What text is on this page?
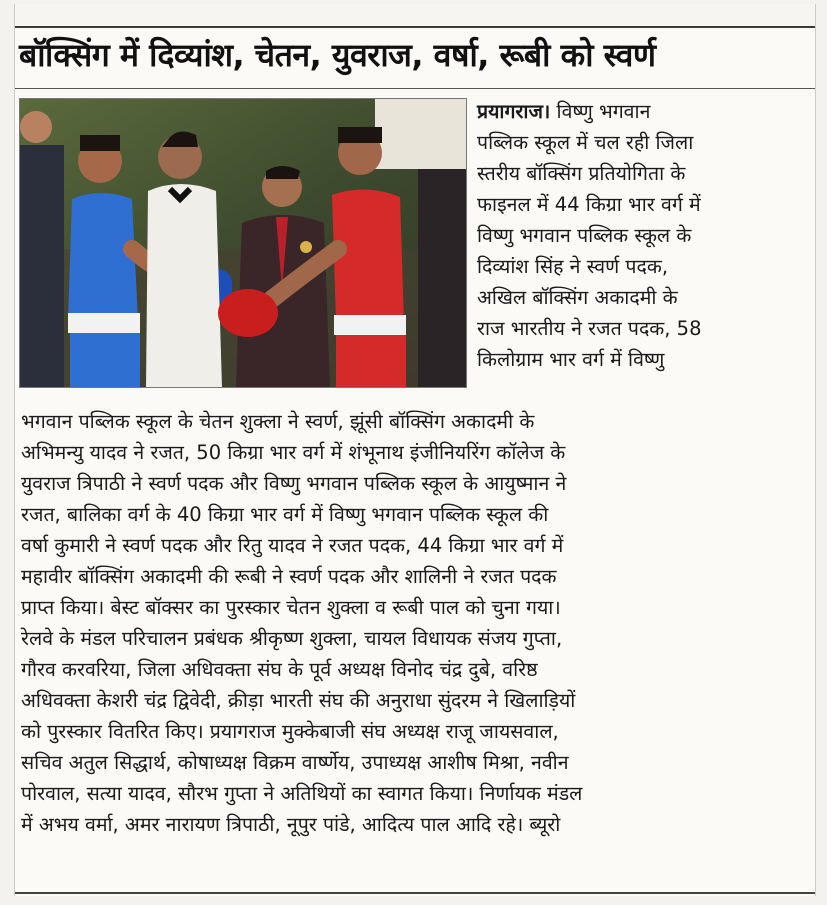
बॉक्सिंग में दिव्यांश, चेतन, युवराज, वर्षा, रूबी को स्वर्ण

प्रयागराज। विष्णु भगवान
पब्लिक स्कूल में चल रही जिला
स्तरीय बॉक्सिंग प्रतियोगिता के
फाइनल में 44 किग्रा भार वर्ग में
विष्णु भगवान पब्लिक स्कूल के
दिव्यांश सिंह ने स्वर्ण पदक,
अखिल बॉक्सिंग अकादमी के
राज भारतीय ने रजत पदक, 58
किलोग्राम भार वर्ग में विष्णु

भगवान पब्लिक स्कूल के चेतन शुक्ला ने स्वर्ण, झूंसी बॉक्सिंग अकादमी के
अभिमन्यु यादव ने रजत, 50 किग्रा भार वर्ग में शंभूनाथ इंजीनियरिंग कॉलेज के
युवराज त्रिपाठी ने स्वर्ण पदक और विष्णु भगवान पब्लिक स्कूल के आयुष्मान ने
रजत, बालिका वर्ग के 40 किग्रा भार वर्ग में विष्णु भगवान पब्लिक स्कूल की
वर्षा कुमारी ने स्वर्ण पदक और रितु यादव ने रजत पदक, 44 किग्रा भार वर्ग में
महावीर बॉक्सिंग अकादमी की रूबी ने स्वर्ण पदक और शालिनी ने रजत पदक
प्राप्त किया। बेस्ट बॉक्सर का पुरस्कार चेतन शुक्ला व रूबी पाल को चुना गया।
रेलवे के मंडल परिचालन प्रबंधक श्रीकृष्ण शुक्ला, चायल विधायक संजय गुप्ता,
गौरव करवरिया, जिला अधिवक्ता संघ के पूर्व अध्यक्ष विनोद चंद्र दुबे, वरिष्ठ
अधिवक्ता केशरी चंद्र द्विवेदी, क्रीड़ा भारती संघ की अनुराधा सुंदरम ने खिलाड़ियों
को पुरस्कार वितरित किए। प्रयागराज मुक्केबाजी संघ अध्यक्ष राजू जायसवाल,
सचिव अतुल सिद्धार्थ, कोषाध्यक्ष विक्रम वार्ष्णेय, उपाध्यक्ष आशीष मिश्रा, नवीन
पोरवाल, सत्या यादव, सौरभ गुप्ता ने अतिथियों का स्वागत किया। निर्णायक मंडल
में अभय वर्मा, अमर नारायण त्रिपाठी, नूपुर पांडे, आदित्य पाल आदि रहे। ब्यूरो
